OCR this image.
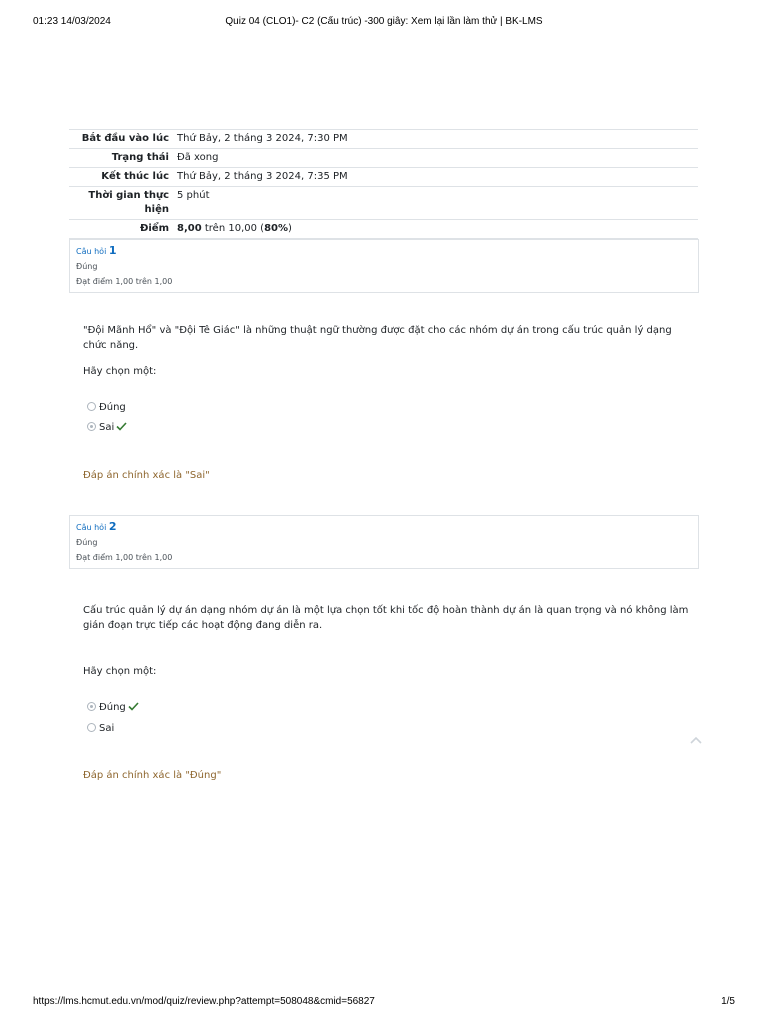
01:23 14/03/2024	Quiz 04 (CLO1)- C2 (Cấu trúc) -300 giây: Xem lại lần làm thử | BK-LMS
Bắt đầu vào lúc	Thứ Bảy, 2 tháng 3 2024, 7:30 PM
Trạng thái	Đã xong
Kết thúc lúc	Thứ Bảy, 2 tháng 3 2024, 7:35 PM
Thời gian thực hiện	5 phút
Điểm	8,00 trên 10,00 (80%)
Câu hỏi 1
Đúng
Đạt điểm 1,00 trên 1,00
"Đội Mãnh Hổ" và "Đội Tê Giác" là những thuật ngữ thường được đặt cho các nhóm dự án trong cấu trúc quản lý dạng chức năng.
Hãy chọn một:
Đúng
Sai
Đáp án chính xác là "Sai"
Câu hỏi 2
Đúng
Đạt điểm 1,00 trên 1,00
Cấu trúc quản lý dự án dạng nhóm dự án là một lựa chọn tốt khi tốc độ hoàn thành dự án là quan trọng và nó không làm gián đoạn trực tiếp các hoạt động đang diễn ra.
Hãy chọn một:
Đúng
Sai
Đáp án chính xác là "Đúng"
https://lms.hcmut.edu.vn/mod/quiz/review.php?attempt=508048&cmid=56827	1/5
